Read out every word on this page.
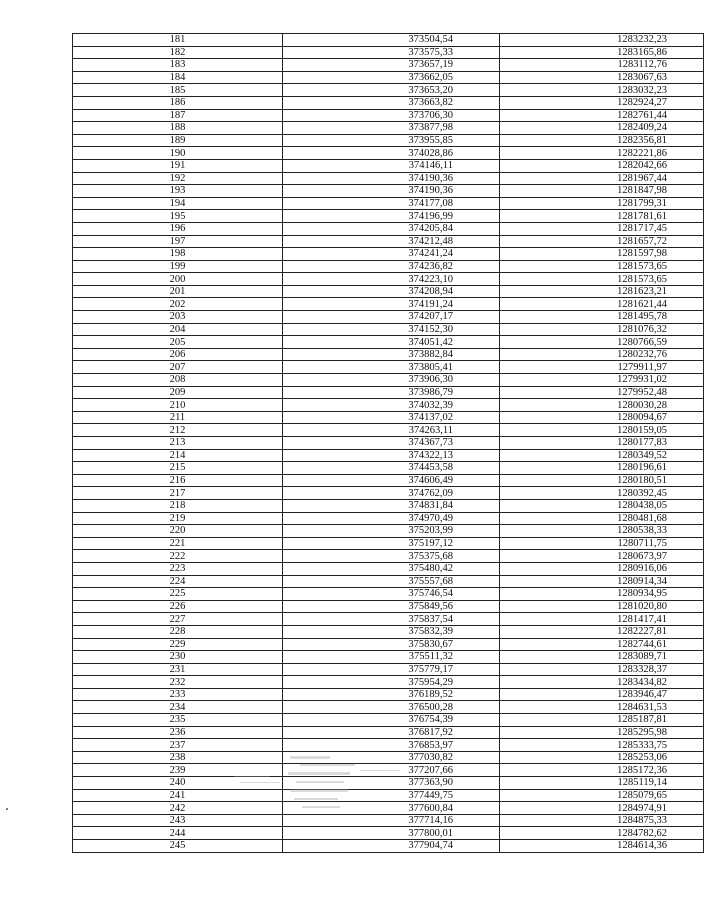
181	373504,54	1283232,23
182	373575,33	1283165,86
183	373657,19	1283112,76
184	373662,05	1283067,63
185	373653,20	1283032,23
186	373663,82	1282924,27
187	373706,30	1282761,44
188	373877,98	1282409,24
189	373955,85	1282356,81
190	374028,86	1282221,86
191	374146,11	1282042,66
192	374190,36	1281967,44
193	374190,36	1281847,98
194	374177,08	1281799,31
195	374196,99	1281781,61
196	374205,84	1281717,45
197	374212,48	1281657,72
198	374241,24	1281597,98
199	374236,82	1281573,65
200	374223,10	1281573,65
201	374208,94	1281623,21
202	374191,24	1281621,44
203	374207,17	1281495,78
204	374152,30	1281076,32
205	374051,42	1280766,59
206	373882,84	1280232,76
207	373805,41	1279911,97
208	373906,30	1279931,02
209	373986,79	1279952,48
210	374032,39	1280030,28
211	374137,02	1280094,67
212	374263,11	1280159,05
213	374367,73	1280177,83
214	374322,13	1280349,52
215	374453,58	1280196,61
216	374606,49	1280180,51
217	374762,09	1280392,45
218	374831,84	1280438,05
219	374970,49	1280481,68
220	375203,99	1280538,33
221	375197,12	1280711,75
222	375375,68	1280673,97
223	375480,42	1280916,06
224	375557,68	1280914,34
225	375746,54	1280934,95
226	375849,56	1281020,80
227	375837,54	1281417,41
228	375832,39	1282227,81
229	375830,67	1282744,61
230	375511,32	1283089,71
231	375779,17	1283328,37
232	375954,29	1283434,82
233	376189,52	1283946,47
234	376500,28	1284631,53
235	376754,39	1285187,81
236	376817,92	1285295,98
237	376853,97	1285333,75
238	377030,82	1285253,06
239	377207,66	1285172,36
240	377363,90	1285119,14
241	377449,75	1285079,65
242	377600,84	1284974,91
243	377714,16	1284875,33
244	377800,01	1284782,62
245	377904,74	1284614,36
